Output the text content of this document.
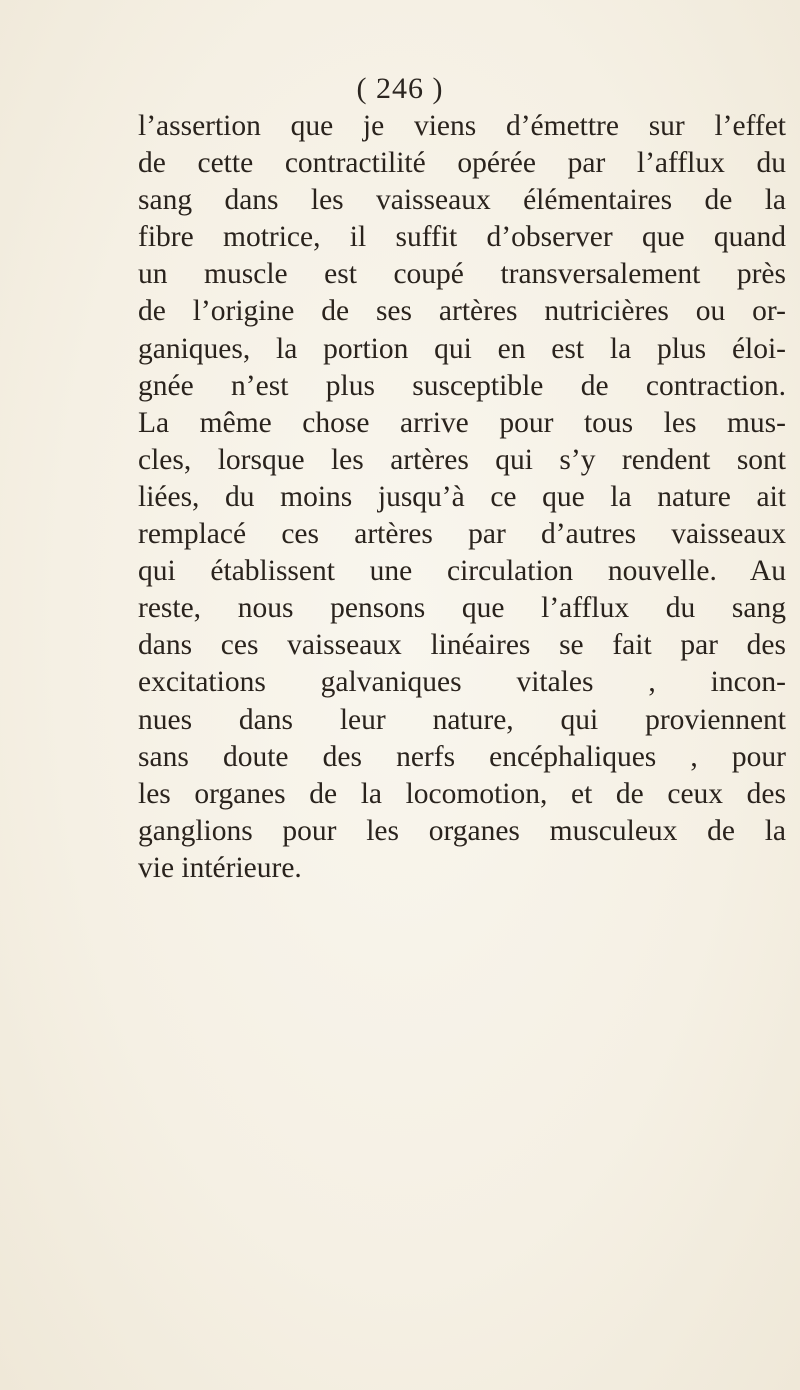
( 246 )
l’assertion que je viens d’émettre sur l’effet
de cette contractilité opérée par l’afflux du
sang dans les vaisseaux élémentaires de la
fibre motrice, il suffit d’observer que quand
un muscle est coupé transversalement près
de l’origine de ses artères nutricières ou or-
ganiques, la portion qui en est la plus éloi-
gnée n’est plus susceptible de contraction.
La même chose arrive pour tous les mus-
cles, lorsque les artères qui s’y rendent sont
liées, du moins jusqu’à ce que la nature ait
remplacé ces artères par d’autres vaisseaux
qui établissent une circulation nouvelle. Au
reste, nous pensons que l’afflux du sang
dans ces vaisseaux linéaires se fait par des
excitations galvaniques vitales , incon-
nues dans leur nature, qui proviennent
sans doute des nerfs encéphaliques , pour
les organes de la locomotion, et de ceux des
ganglions pour les organes musculeux de la
vie intérieure.
